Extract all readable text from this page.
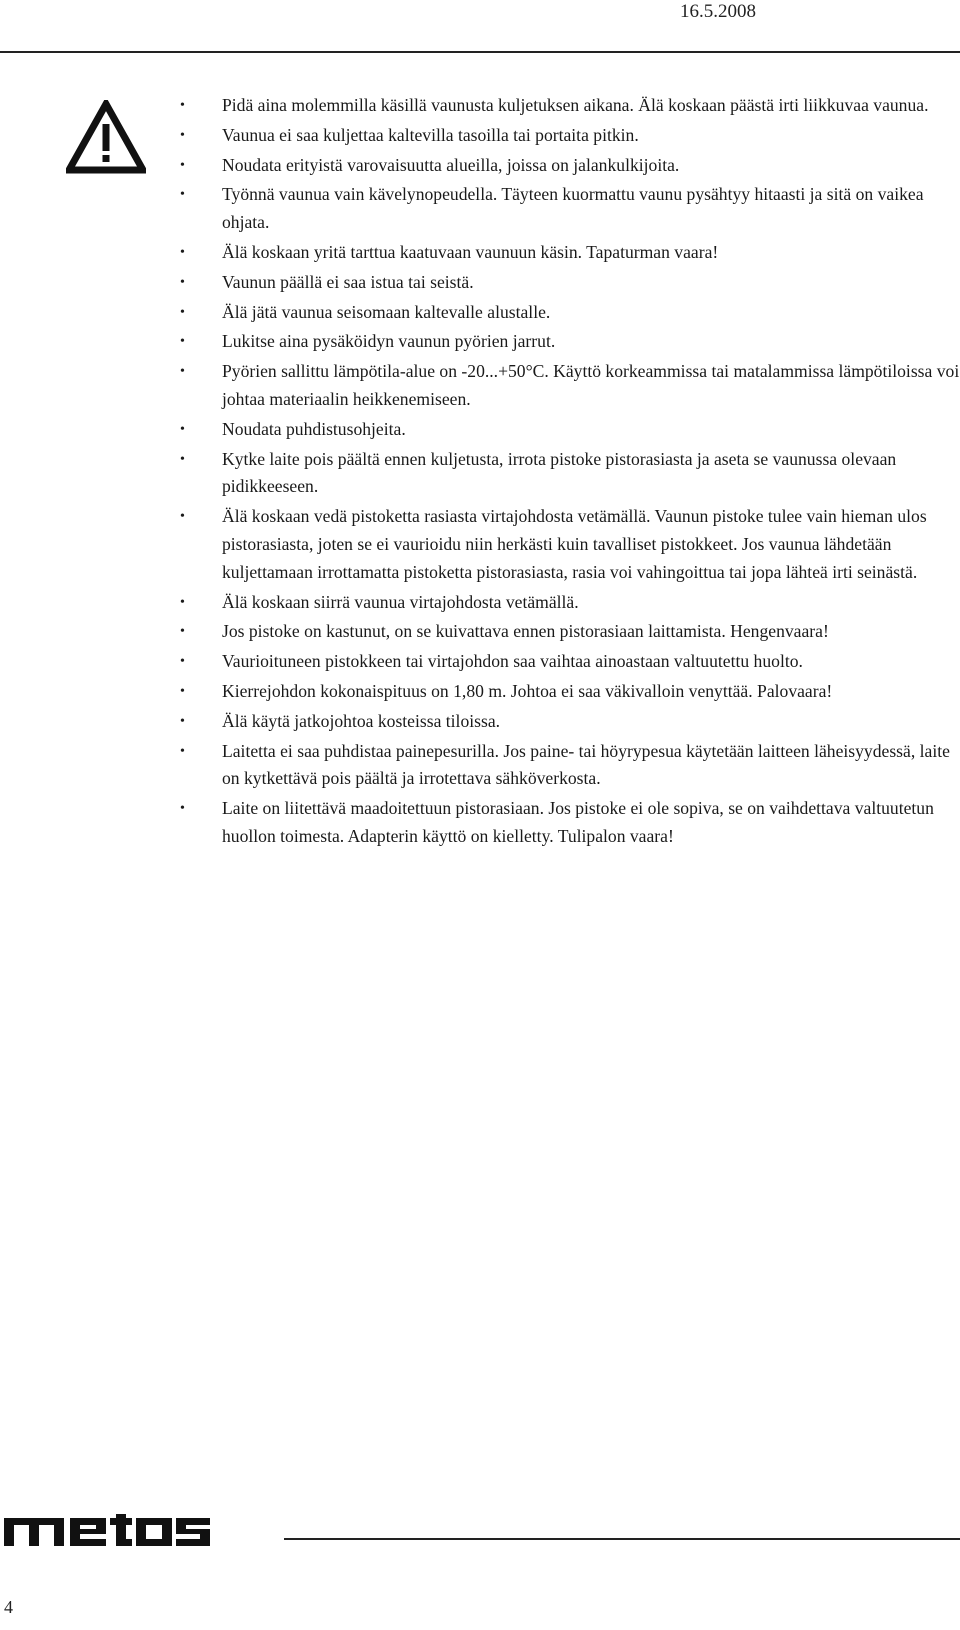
16.5.2008
• Pidä aina molemmilla käsillä vaunusta kuljetuksen aikana. Älä koskaan päästä irti liikkuvaa vaunua.
• Vaunua ei saa kuljettaa kaltevilla tasoilla tai portaita pitkin.
• Noudata erityistä varovaisuutta alueilla, joissa on jalankulkijoita.
• Työnnä vaunua vain kävelynopeudella. Täyteen kuormattu vaunu pysähtyy hitaasti ja sitä on vaikea ohjata.
• Älä koskaan yritä tarttua kaatuvaan vaunuun käsin. Tapaturman vaara!
• Vaunun päällä ei saa istua tai seistä.
• Älä jätä vaunua seisomaan kaltevalle alustalle.
• Lukitse aina pysäköidyn vaunun pyörien jarrut.
• Pyörien sallittu lämpötila-alue on -20...+50°C. Käyttö korkeammissa tai matalammissa lämpötiloissa voi johtaa materiaalin heikkenemiseen.
• Noudata puhdistusohjeita.
• Kytke laite pois päältä ennen kuljetusta, irrota pistoke pistorasiasta ja aseta se vaunussa olevaan pidikkeeseen.
• Älä koskaan vedä pistoketta rasiasta virtajohdosta vetämällä. Vaunun pistoke tulee vain hieman ulos pistorasiasta, joten se ei vaurioidu niin herkästi kuin tavalliset pistokkeet. Jos vaunua lähdetään kuljettamaan irrottamatta pistoketta pistorasiasta, rasia voi vahingoittua tai jopa lähteä irti seinästä.
• Älä koskaan siirrä vaunua virtajohdosta vetämällä.
• Jos pistoke on kastunut, on se kuivattava ennen pistorasiaan laittamista. Hengenvaara!
• Vaurioituneen pistokkeen tai virtajohdon saa vaihtaa ainoastaan valtuutettu huolto.
• Kierrejohdon kokonaispituus on 1,80 m. Johtoa ei saa väkivalloin venyttää. Palovaara!
• Älä käytä jatkojohtoa kosteissa tiloissa.
• Laitetta ei saa puhdistaa painepesurilla. Jos paine- tai höyrypesua käytetään laitteen läheisyydessä, laite on kytkettävä pois päältä ja irrotettava sähköverkosta.
• Laite on liitettävä maadoitettuun pistorasiaan. Jos pistoke ei ole sopiva, se on vaihdettava valtuutetun huollon toimesta. Adapterin käyttö on kielletty. Tulipalon vaara!
4
